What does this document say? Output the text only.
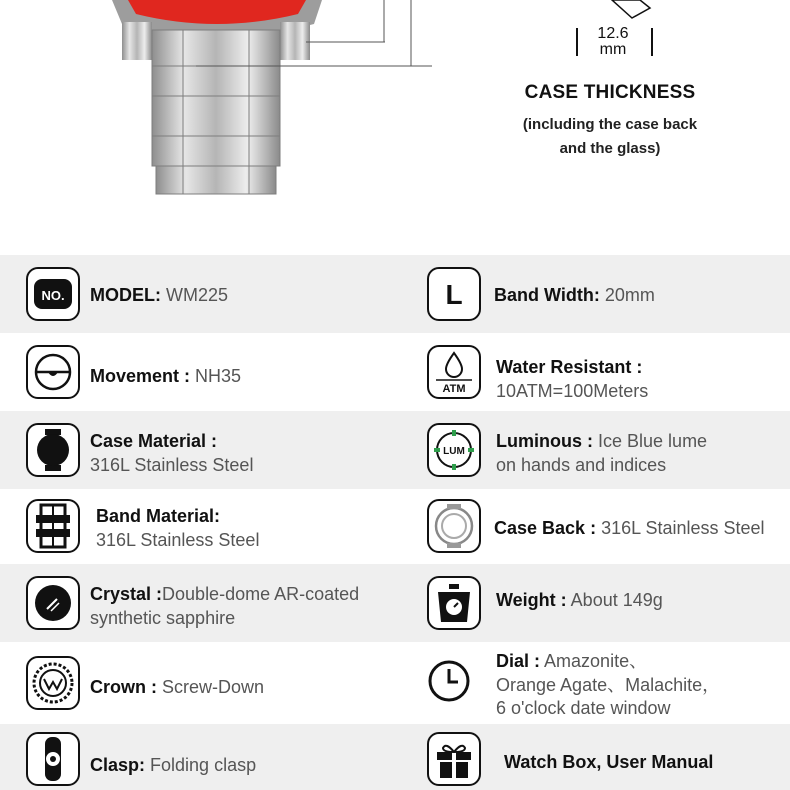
12.6
mm
CASE THICKNESS
(including the case back
and the glass)
NO. MODEL: WM225	L Band Width: 20mm
Movement : NH35
ATM
Water Resistant :
10ATM=100Meters
Case Material :
316L Stainless Steel
LUM
Luminous : Ice Blue lume
on hands and indices
Band Material:
316L Stainless Steel
Case Back : 316L Stainless Steel
Crystal :Double-dome AR-coated
synthetic sapphire
Weight : About 149g
Crown : Screw-Down
Dial : Amazonite、
Orange Agate、Malachite，
6 o'clock date window
Clasp: Folding clasp	Watch Box, User Manual
